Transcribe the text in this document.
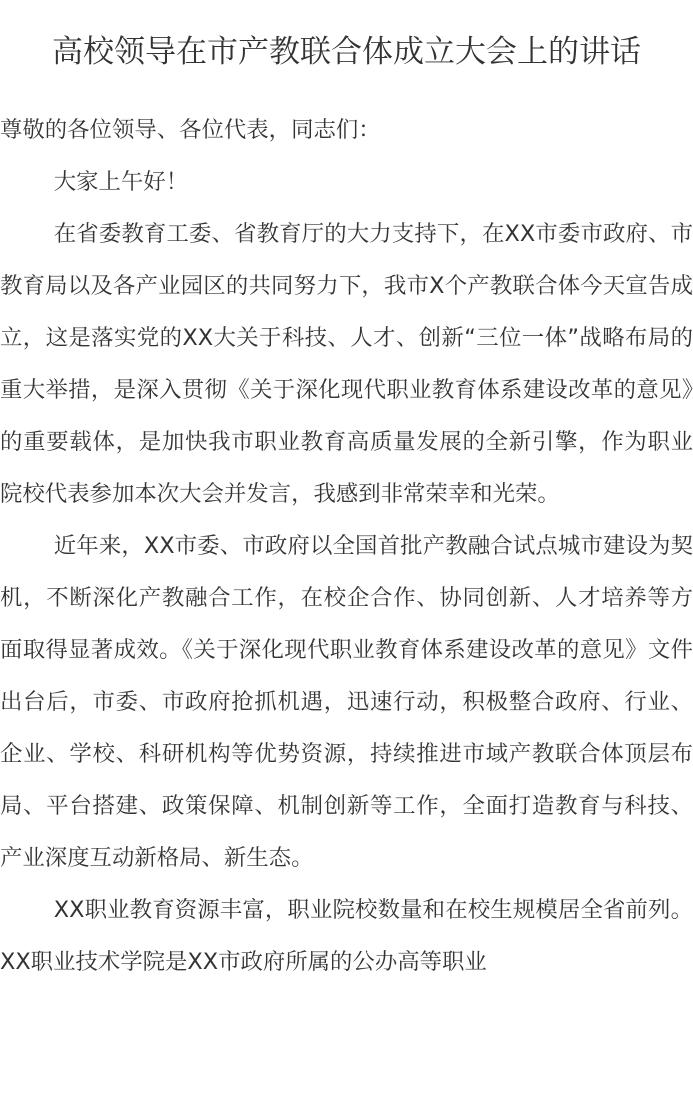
高校领导在市产教联合体成立大会上的讲话

尊敬的各位领导、各位代表，同志们：

大家上午好！

在省委教育工委、省教育厅的大力支持下，在XX市委市政府、市教育局以及各产业园区的共同努力下，我市X个产教联合体今天宣告成立，这是落实党的XX大关于科技、人才、创新“三位一体”战略布局的重大举措，是深入贯彻《关于深化现代职业教育体系建设改革的意见》的重要载体，是加快我市职业教育高质量发展的全新引擎，作为职业院校代表参加本次大会并发言，我感到非常荣幸和光荣。

近年来，XX市委、市政府以全国首批产教融合试点城市建设为契机，不断深化产教融合工作，在校企合作、协同创新、人才培养等方面取得显著成效。《关于深化现代职业教育体系建设改革的意见》文件出台后，市委、市政府抢抓机遇，迅速行动，积极整合政府、行业、企业、学校、科研机构等优势资源，持续推进市域产教联合体顶层布局、平台搭建、政策保障、机制创新等工作，全面打造教育与科技、产业深度互动新格局、新生态。

XX职业教育资源丰富，职业院校数量和在校生规模居全省前列。XX职业技术学院是XX市政府所属的公办高等职业
